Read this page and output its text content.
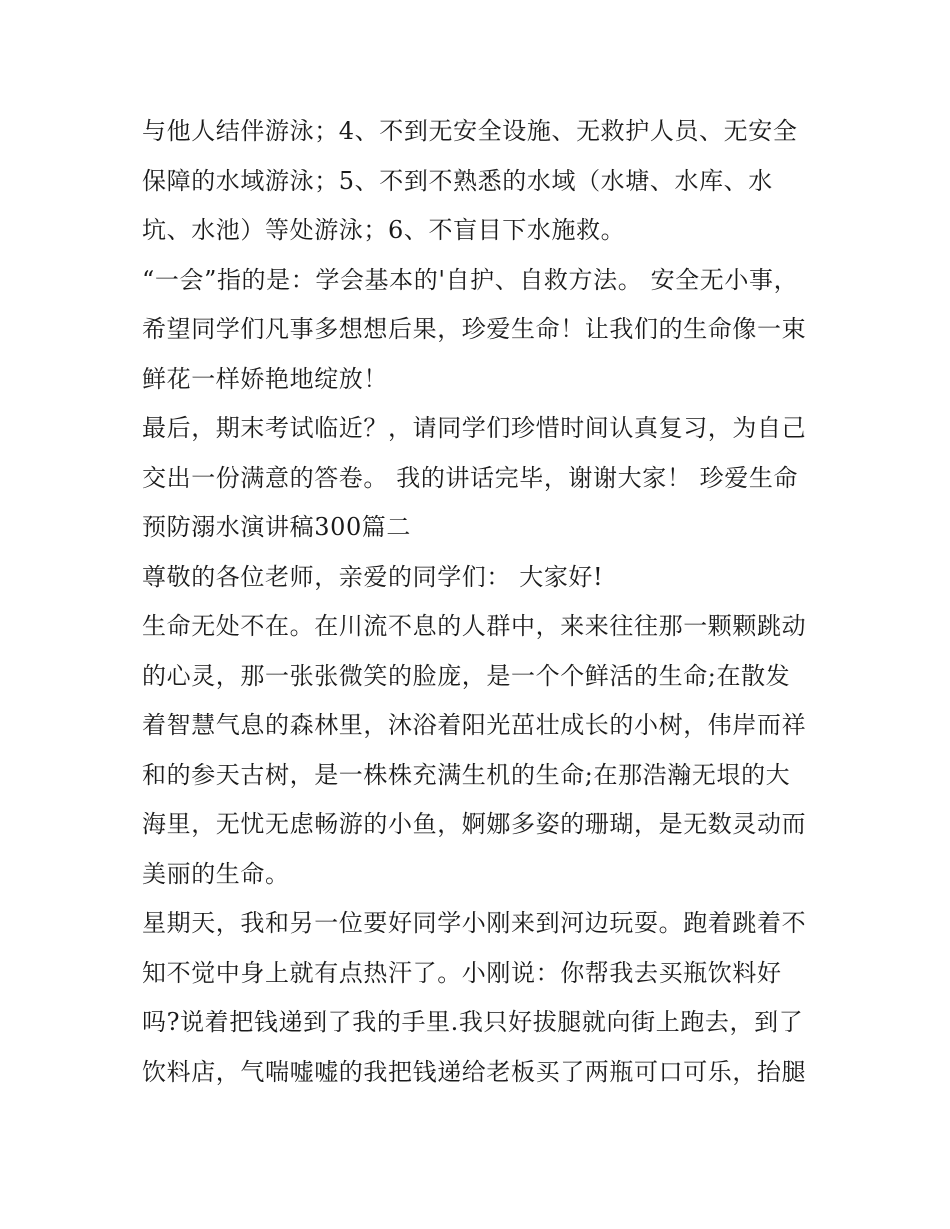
与他人结伴游泳；4、不到无安全设施、无救护人员、无安全
保障的水域游泳；5、不到不熟悉的水域（水塘、水库、水
坑、水池）等处游泳；6、不盲目下水施救。
“一会”指的是：学会基本的'自护、自救方法。 安全无小事，
希望同学们凡事多想想后果，珍爱生命！让我们的生命像一束
鲜花一样娇艳地绽放！
最后，期末考试临近？，请同学们珍惜时间认真复习，为自己
交出一份满意的答卷。 我的讲话完毕，谢谢大家！ 珍爱生命
预防溺水演讲稿300篇二
尊敬的各位老师，亲爱的同学们： 大家好!
生命无处不在。在川流不息的人群中，来来往往那一颗颗跳动
的心灵，那一张张微笑的脸庞，是一个个鲜活的生命;在散发
着智慧气息的森林里，沐浴着阳光茁壮成长的小树，伟岸而祥
和的参天古树，是一株株充满生机的生命;在那浩瀚无垠的大
海里，无忧无虑畅游的小鱼，婀娜多姿的珊瑚，是无数灵动而
美丽的生命。
星期天，我和另一位要好同学小刚来到河边玩耍。跑着跳着不
知不觉中身上就有点热汗了。小刚说：你帮我去买瓶饮料好
吗?说着把钱递到了我的手里.我只好拔腿就向街上跑去，到了
饮料店，气喘嘘嘘的我把钱递给老板买了两瓶可口可乐，抬腿
